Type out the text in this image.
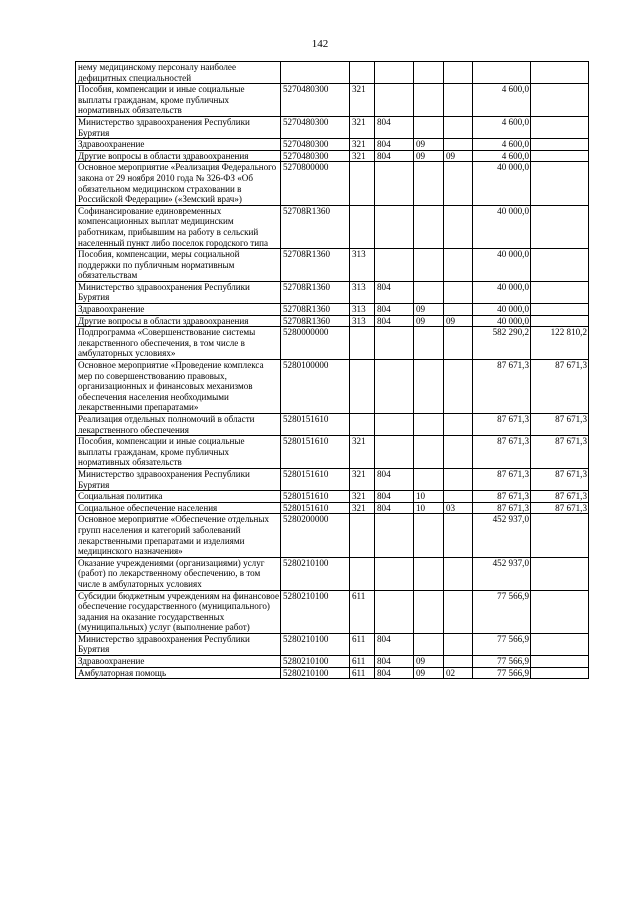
142
нему медицинскому персоналу наиболее дефицитных специальностей							
Пособия, компенсации и иные социальные выплаты гражданам, кроме публичных нормативных обязательств	5270480300	321				4 600,0	
Министерство здравоохранения Республики Бурятия	5270480300	321	804			4 600,0	
Здравоохранение	5270480300	321	804	09		4 600,0	
Другие вопросы в области здравоохранения	5270480300	321	804	09	09	4 600,0	
Основное мероприятие «Реализация Федерального закона от 29 ноября 2010 года № 326-ФЗ «Об обязательном медицинском страховании в Российской Федерации» («Земский врач»)	5270800000					40 000,0	
Софинансирование единовременных компенсационных выплат медицинским работникам, прибывшим на работу в сельский населенный пункт либо поселок городского типа	52708R1360					40 000,0	
Пособия, компенсации, меры социальной поддержки по публичным нормативным обязательствам	52708R1360	313				40 000,0	
Министерство здравоохранения Республики Бурятия	52708R1360	313	804			40 000,0	
Здравоохранение	52708R1360	313	804	09		40 000,0	
Другие вопросы в области здравоохранения	52708R1360	313	804	09	09	40 000,0	
Подпрограмма «Совершенствование системы лекарственного обеспечения, в том числе в амбулаторных условиях»	5280000000					582 290,2	122 810,2
Основное мероприятие «Проведение комплекса мер по совершенствованию правовых, организационных и финансовых механизмов обеспечения населения необходимыми лекарственными препаратами»	5280100000					87 671,3	87 671,3
Реализация отдельных полномочий в области лекарственного обеспечения	5280151610					87 671,3	87 671,3
Пособия, компенсации и иные социальные выплаты гражданам, кроме публичных нормативных обязательств	5280151610	321				87 671,3	87 671,3
Министерство здравоохранения Республики Бурятия	5280151610	321	804			87 671,3	87 671,3
Социальная политика	5280151610	321	804	10		87 671,3	87 671,3
Социальное обеспечение населения	5280151610	321	804	10	03	87 671,3	87 671,3
Основное мероприятие «Обеспечение отдельных групп населения и категорий заболеваний лекарственными препаратами и изделиями медицинского назначения»	5280200000					452 937,0	
Оказание учреждениями (организациями) услуг (работ) по лекарственному обеспечению, в том числе в амбулаторных условиях	5280210100					452 937,0	
Субсидии бюджетным учреждениям на финансовое обеспечение государственного (муниципального) задания на оказание государственных (муниципальных) услуг (выполнение работ)	5280210100	611				77 566,9	
Министерство здравоохранения Республики Бурятия	5280210100	611	804			77 566,9	
Здравоохранение	5280210100	611	804	09		77 566,9	
Амбулаторная помощь	5280210100	611	804	09	02	77 566,9	
